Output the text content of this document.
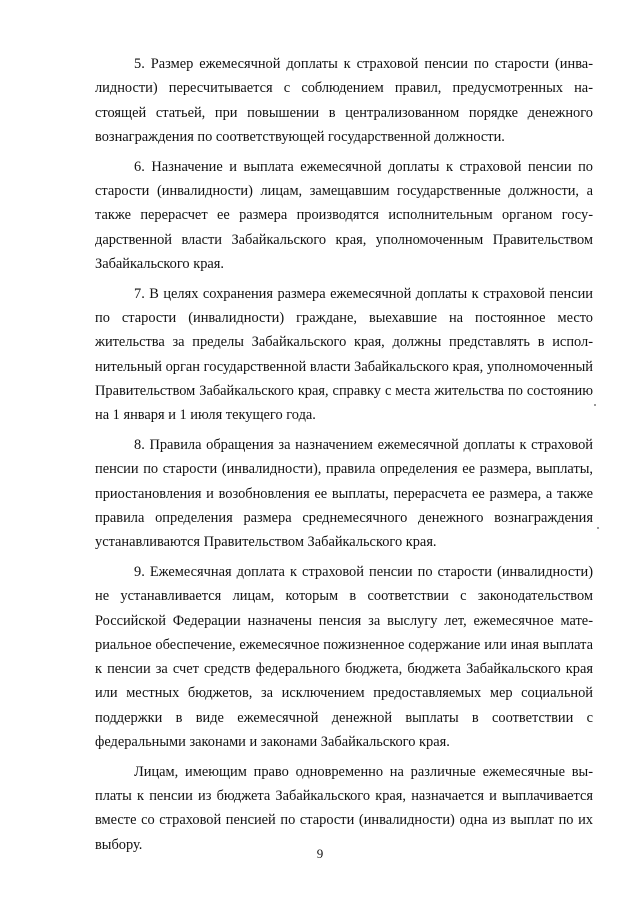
5. Размер ежемесячной доплаты к страховой пенсии по старости (инвалидности) пересчитывается с соблюдением правил, предусмотренных настоящей статьей, при повышении в централизованном порядке денежного вознаграждения по соответствующей государственной должности.

6. Назначение и выплата ежемесячной доплаты к страховой пенсии по старости (инвалидности) лицам, замещавшим государственные должности, а также перерасчет ее размера производятся исполнительным органом государственной власти Забайкальского края, уполномоченным Правительством Забайкальского края.

7. В целях сохранения размера ежемесячной доплаты к страховой пенсии по старости (инвалидности) граждане, выехавшие на постоянное место жительства за пределы Забайкальского края, должны представлять в исполнительный орган государственной власти Забайкальского края, уполномоченный Правительством Забайкальского края, справку с места жительства по состоянию на 1 января и 1 июля текущего года.

8. Правила обращения за назначением ежемесячной доплаты к страховой пенсии по старости (инвалидности), правила определения ее размера, выплаты, приостановления и возобновления ее выплаты, перерасчета ее размера, а также правила определения размера среднемесячного денежного вознаграждения устанавливаются Правительством Забайкальского края.

9. Ежемесячная доплата к страховой пенсии по старости (инвалидности) не устанавливается лицам, которым в соответствии с законодательством Российской Федерации назначены пенсия за выслугу лет, ежемесячное материальное обеспечение, ежемесячное пожизненное содержание или иная выплата к пенсии за счет средств федерального бюджета, бюджета Забайкальского края или местных бюджетов, за исключением предоставляемых мер социальной поддержки в виде ежемесячной денежной выплаты в соответствии с федеральными законами и законами Забайкальского края.

Лицам, имеющим право одновременно на различные ежемесячные выплаты к пенсии из бюджета Забайкальского края, назначается и выплачивается вместе со страховой пенсией по старости (инвалидности) одна из выплат по их выбору.

9
